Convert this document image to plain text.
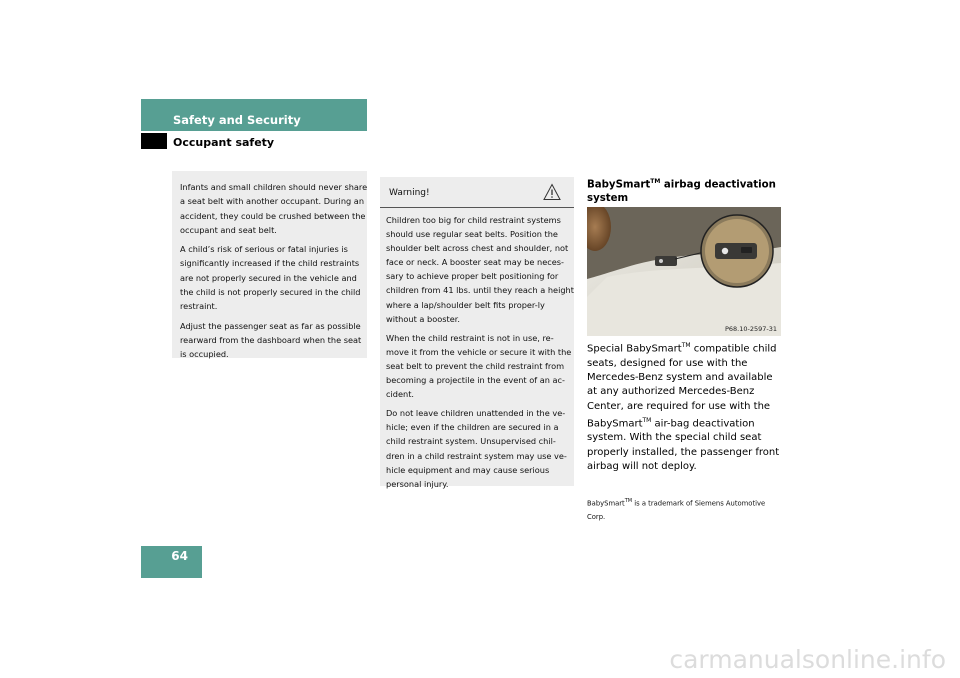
Safety and Security
Occupant safety

Infants and small children should never share a seat belt with another occupant. During an accident, they could be crushed between the occupant and seat belt.

A child’s risk of serious or fatal injuries is significantly increased if the child restraints are not properly secured in the vehicle and the child is not properly secured in the child restraint.

Adjust the passenger seat as far as possible rearward from the dashboard when the seat is occupied.

Warning!

Children too big for child restraint systems should use regular seat belts. Position the shoulder belt across chest and shoulder, not face or neck. A booster seat may be neces-sary to achieve proper belt positioning for children from 41 lbs. until they reach a height where a lap/shoulder belt fits proper-ly without a booster.

When the child restraint is not in use, re-move it from the vehicle or secure it with the seat belt to prevent the child restraint from becoming a projectile in the event of an ac-cident.

Do not leave children unattended in the ve-hicle; even if the children are secured in a child restraint system. Unsupervised chil-dren in a child restraint system may use ve-hicle equipment and may cause serious personal injury.

BabySmart™ airbag deactivation system
P68.10-2597-31
Special BabySmart™ compatible child seats, designed for use with the Mercedes-Benz system and available at any authorized Mercedes-Benz Center, are required for use with the BabySmart™ air-bag deactivation system. With the special child seat properly installed, the passenger front airbag will not deploy.
BabySmart™ is a trademark of Siemens Automotive Corp.
64
carmanualsonline.info
